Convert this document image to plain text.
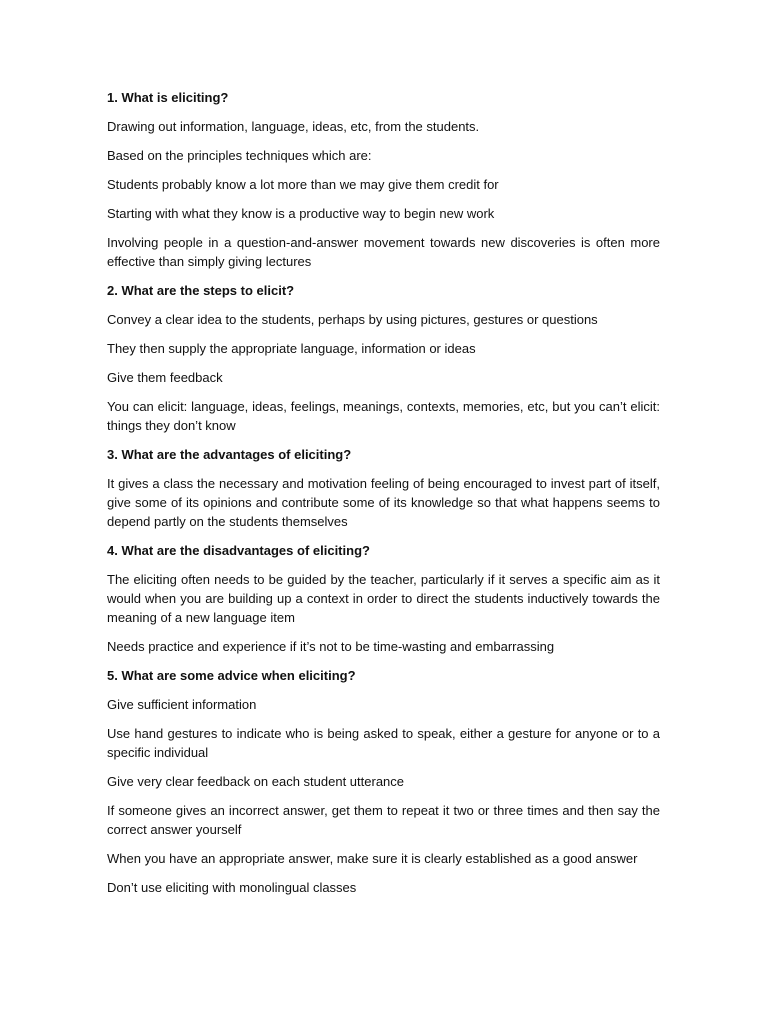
1. What is eliciting?

Drawing out information, language, ideas, etc, from the students.

Based on the principles techniques which are:

Students probably know a lot more than we may give them credit for

Starting with what they know is a productive way to begin new work

Involving people in a question-and-answer movement towards new discoveries is often more effective than simply giving lectures

2. What are the steps to elicit?

Convey a clear idea to the students, perhaps by using pictures, gestures or questions

They then supply the appropriate language, information or ideas

Give them feedback

You can elicit: language, ideas, feelings, meanings, contexts, memories, etc, but you can’t elicit: things they don’t know

3. What are the advantages of eliciting?

It gives a class the necessary and motivation feeling of being encouraged to invest part of itself, give some of its opinions and contribute some of its knowledge so that what happens seems to depend partly on the students themselves

4. What are the disadvantages of eliciting?

The eliciting often needs to be guided by the teacher, particularly if it serves a specific aim as it would when you are building up a context in order to direct the students inductively towards the meaning of a new language item

Needs practice and experience if it’s not to be time-wasting and embarrassing

5. What are some advice when eliciting?

Give sufficient information

Use hand gestures to indicate who is being asked to speak, either a gesture for anyone or to a specific individual

Give very clear feedback on each student utterance

If someone gives an incorrect answer, get them to repeat it two or three times and then say the correct answer yourself

When you have an appropriate answer, make sure it is clearly established as a good answer

Don’t use eliciting with monolingual classes
